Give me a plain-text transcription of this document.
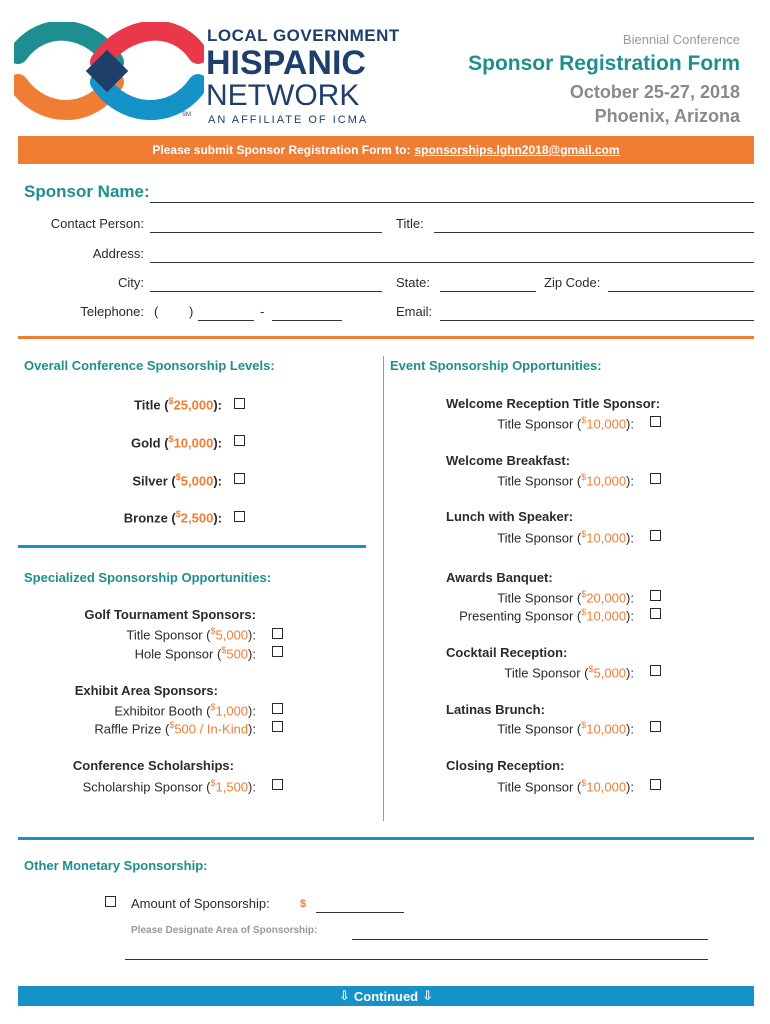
SM
LOCAL GOVERNMENT
HISPANIC
NETWORK
AN AFFILIATE OF ICMA
Biennial Conference
Sponsor Registration Form
October 25-27, 2018
Phoenix, Arizona
Please submit Sponsor Registration Form to: sponsorships.lghn2018@gmail.com
Sponsor Name:
Contact Person:	Title:
Address:
City:	State:	Zip Code:
Telephone: ( )	-	Email:
Overall Conference Sponsorship Levels:
Title ($25,000):
Gold ($10,000):
Silver ($5,000):
Bronze ($2,500):
Specialized Sponsorship Opportunities:
Golf Tournament Sponsors:
Title Sponsor ($5,000):
Hole Sponsor ($500):
Exhibit Area Sponsors:
Exhibitor Booth ($1,000):
Raffle Prize ($500 / In-Kind):
Conference Scholarships:
Scholarship Sponsor ($1,500):
Event Sponsorship Opportunities:
Welcome Reception Title Sponsor:
Title Sponsor ($10,000):
Welcome Breakfast:
Title Sponsor ($10,000):
Lunch with Speaker:
Title Sponsor ($10,000):
Awards Banquet:
Title Sponsor ($20,000):
Presenting Sponsor ($10,000):
Cocktail Reception:
Title Sponsor ($5,000):
Latinas Brunch:
Title Sponsor ($10,000):
Closing Reception:
Title Sponsor ($10,000):
Other Monetary Sponsorship:
Amount of Sponsorship:	$
Please Designate Area of Sponsorship:
⇩ Continued ⇩
